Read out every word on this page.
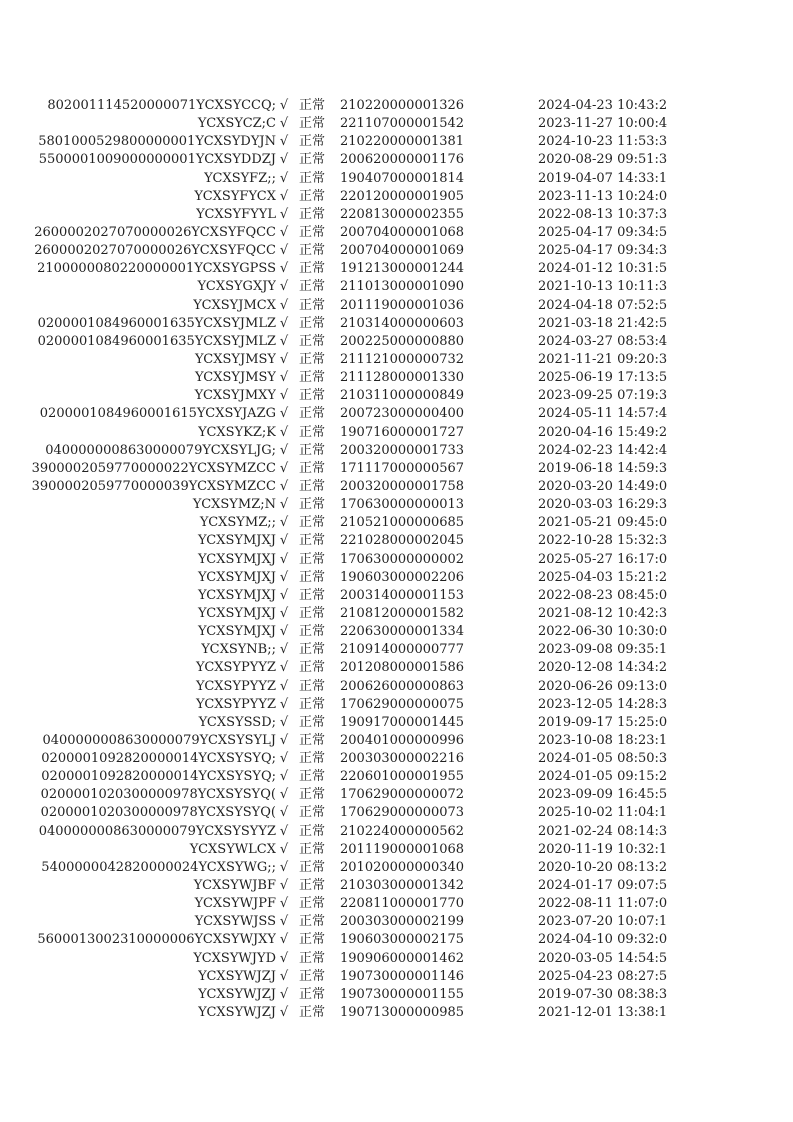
802001114520000071YCXSYCCQ; √ 正常	210220000001326	2024-04-23 10:43:2
YCXSYCZ;C √ 正常	221107000001542	2023-11-27 10:00:4
5801000529800000001YCXSYDYJN √ 正常	210220000001381	2024-10-23 11:53:3
5500001009000000001YCXSYDDZJ √ 正常	200620000001176	2020-08-29 09:51:3
YCXSYFZ;; √ 正常	190407000001814	2019-04-07 14:33:1
YCXSYFYCX √ 正常	220120000001905	2023-11-13 10:24:0
YCXSYFYYL √ 正常	220813000002355	2022-08-13 10:37:3
2600002027070000026YCXSYFQCC √ 正常	200704000001068	2025-04-17 09:34:5
2600002027070000026YCXSYFQCC √ 正常	200704000001069	2025-04-17 09:34:3
2100000080220000001YCXSYGPSS √ 正常	191213000001244	2024-01-12 10:31:5
YCXSYGXJY √ 正常	211013000001090	2021-10-13 10:11:3
YCXSYJMCX √ 正常	201119000001036	2024-04-18 07:52:5
0200001084960001635YCXSYJMLZ √ 正常	210314000000603	2021-03-18 21:42:5
0200001084960001635YCXSYJMLZ √ 正常	200225000000880	2024-03-27 08:53:4
YCXSYJMSY √ 正常	211121000000732	2021-11-21 09:20:3
YCXSYJMSY √ 正常	211128000001330	2025-06-19 17:13:5
YCXSYJMXY √ 正常	210311000000849	2023-09-25 07:19:3
0200001084960001615YCXSYJAZG √ 正常	200723000000400	2024-05-11 14:57:4
YCXSYKZ;K √ 正常	190716000001727	2020-04-16 15:49:2
0400000008630000079YCXSYLJG; √ 正常	200320000001733	2024-02-23 14:42:4
3900002059770000022YCXSYMZCC √ 正常	171117000000567	2019-06-18 14:59:3
3900002059770000039YCXSYMZCC √ 正常	200320000001758	2020-03-20 14:49:0
YCXSYMZ;N √ 正常	170630000000013	2020-03-03 16:29:3
YCXSYMZ;; √ 正常	210521000000685	2021-05-21 09:45:0
YCXSYMJXJ √ 正常	221028000002045	2022-10-28 15:32:3
YCXSYMJXJ √ 正常	170630000000002	2025-05-27 16:17:0
YCXSYMJXJ √ 正常	190603000002206	2025-04-03 15:21:2
YCXSYMJXJ √ 正常	200314000001153	2022-08-23 08:45:0
YCXSYMJXJ √ 正常	210812000001582	2021-08-12 10:42:3
YCXSYMJXJ √ 正常	220630000001334	2022-06-30 10:30:0
YCXSYNB;; √ 正常	210914000000777	2023-09-08 09:35:1
YCXSYPYYZ √ 正常	201208000001586	2020-12-08 14:34:2
YCXSYPYYZ √ 正常	200626000000863	2020-06-26 09:13:0
YCXSYPYYZ √ 正常	170629000000075	2023-12-05 14:28:3
YCXSYSSD; √ 正常	190917000001445	2019-09-17 15:25:0
0400000008630000079YCXSYSYLJ √ 正常	200401000000996	2023-10-08 18:23:1
0200001092820000014YCXSYSYQ; √ 正常	200303000002216	2024-01-05 08:50:3
0200001092820000014YCXSYSYQ; √ 正常	220601000001955	2024-01-05 09:15:2
0200001020300000978YCXSYSYQ( √ 正常	170629000000072	2023-09-09 16:45:5
0200001020300000978YCXSYSYQ( √ 正常	170629000000073	2025-10-02 11:04:1
0400000008630000079YCXSYSYYZ √ 正常	210224000000562	2021-02-24 08:14:3
YCXSYWLCX √ 正常	201119000001068	2020-11-19 10:32:1
5400000042820000024YCXSYWG;; √ 正常	201020000000340	2020-10-20 08:13:2
YCXSYWJBF √ 正常	210303000001342	2024-01-17 09:07:5
YCXSYWJPF √ 正常	220811000001770	2022-08-11 11:07:0
YCXSYWJSS √ 正常	200303000002199	2023-07-20 10:07:1
5600013002310000006YCXSYWJXY √ 正常	190603000002175	2024-04-10 09:32:0
YCXSYWJYD √ 正常	190906000001462	2020-03-05 14:54:5
YCXSYWJZJ √ 正常	190730000001146	2025-04-23 08:27:5
YCXSYWJZJ √ 正常	190730000001155	2019-07-30 08:38:3
YCXSYWJZJ √ 正常	190713000000985	2021-12-01 13:38:1
